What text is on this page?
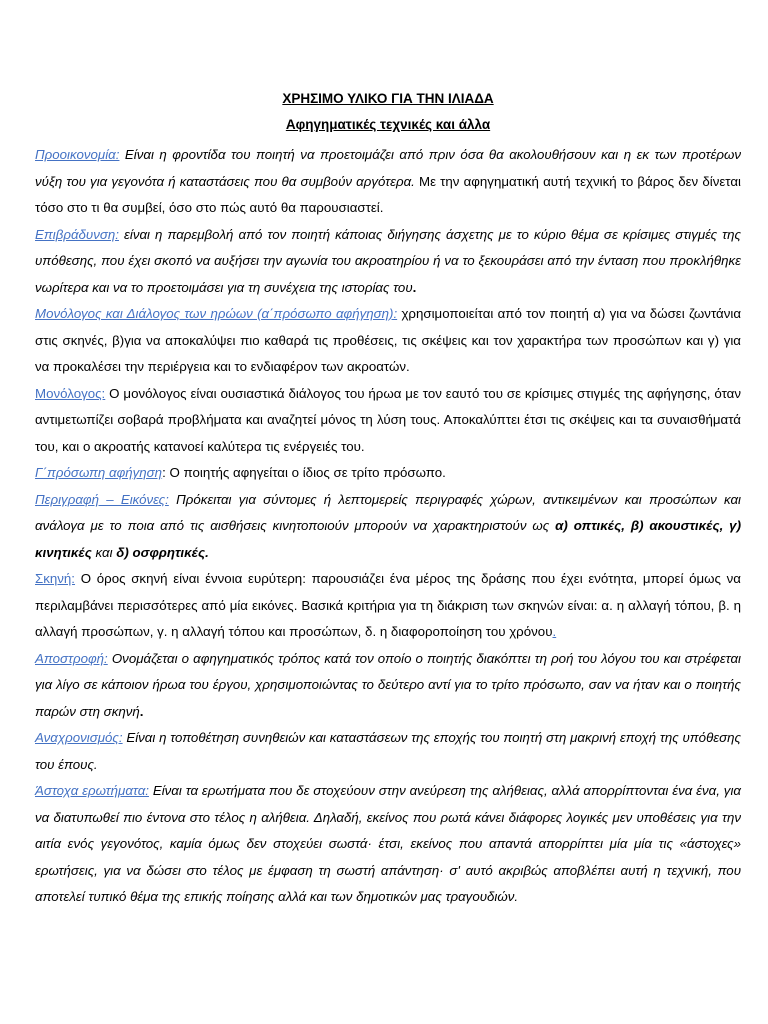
ΧΡΗΣΙΜΟ ΥΛΙΚΟ ΓΙΑ ΤΗΝ ΙΛΙΑΔΑ

Αφηγηματικές τεχνικές και άλλα

Προοικονομία: Είναι η φροντίδα του ποιητή να προετοιμάζει από πριν όσα θα ακολουθήσουν και η εκ των προτέρων νύξη του για γεγονότα ή καταστάσεις που θα συμβούν αργότερα. Με την αφηγηματική αυτή τεχνική το βάρος δεν δίνεται τόσο στο τι θα συμβεί, όσο στο πώς αυτό θα παρουσιαστεί.

Επιβράδυνση: είναι η παρεμβολή από τον ποιητή κάποιας διήγησης άσχετης με το κύριο θέμα σε κρίσιμες στιγμές της υπόθεσης, που έχει σκοπό να αυξήσει την αγωνία του ακροατηρίου ή να το ξεκουράσει από την ένταση που προκλήθηκε νωρίτερα και να το προετοιμάσει για τη συνέχεια της ιστορίας του.

Μονόλογος και Διάλογος των ηρώων (α΄πρόσωπο αφήγηση): χρησιμοποιείται από τον ποιητή α) για να δώσει ζωντάνια στις σκηνές, β)για να αποκαλύψει πιο καθαρά τις προθέσεις, τις σκέψεις και τον χαρακτήρα των προσώπων και γ) για να προκαλέσει την περιέργεια και το ενδιαφέρον των ακροατών.

Μονόλογος: Ο μονόλογος είναι ουσιαστικά διάλογος του ήρωα με τον εαυτό του σε κρίσιμες στιγμές της αφήγησης, όταν αντιμετωπίζει σοβαρά προβλήματα και αναζητεί μόνος τη λύση τους. Αποκαλύπτει έτσι τις σκέψεις και τα συναισθήματά του, και ο ακροατής κατανοεί καλύτερα τις ενέργειές του.

Γ΄πρόσωπη αφήγηση: Ο ποιητής αφηγείται ο ίδιος σε τρίτο πρόσωπο.

Περιγραφή – Εικόνες: Πρόκειται για σύντομες ή λεπτομερείς περιγραφές χώρων, αντικειμένων και προσώπων και ανάλογα με το ποια από τις αισθήσεις κινητοποιούν μπορούν να χαρακτηριστούν ως α) οπτικές, β) ακουστικές, γ) κινητικές και δ) οσφρητικές.

Σκηνή: Ο όρος σκηνή είναι έννοια ευρύτερη: παρουσιάζει ένα μέρος της δράσης που έχει ενότητα, μπορεί όμως να περιλαμβάνει περισσότερες από μία εικόνες. Βασικά κριτήρια για τη διάκριση των σκηνών είναι: α. η αλλαγή τόπου, β. η αλλαγή προσώπων, γ. η αλλαγή τόπου και προσώπων, δ. η διαφοροποίηση του χρόνου.

Αποστροφή: Ονομάζεται ο αφηγηματικός τρόπος κατά τον οποίο ο ποιητής διακόπτει τη ροή του λόγου του και στρέφεται για λίγο σε κάποιον ήρωα του έργου, χρησιμοποιώντας το δεύτερο αντί για το τρίτο πρόσωπο, σαν να ήταν και ο ποιητής παρών στη σκηνή.

Αναχρονισμός: Είναι η τοποθέτηση συνηθειών και καταστάσεων της εποχής του ποιητή στη μακρινή εποχή της υπόθεσης του έπους.

Άστοχα ερωτήματα: Είναι τα ερωτήματα που δε στοχεύουν στην ανεύρεση της αλήθειας, αλλά απορρίπτονται ένα ένα, για να διατυπωθεί πιο έντονα στο τέλος η αλήθεια. Δηλαδή, εκείνος που ρωτά κάνει διάφορες λογικές μεν υποθέσεις για την αιτία ενός γεγονότος, καμία όμως δεν στοχεύει σωστά· έτσι, εκείνος που απαντά απορρίπτει μία μία τις «άστοχες» ερωτήσεις, για να δώσει στο τέλος με έμφαση τη σωστή απάντηση· σ' αυτό ακριβώς αποβλέπει αυτή η τεχνική, που αποτελεί τυπικό θέμα της επικής ποίησης αλλά και των δημοτικών μας τραγουδιών.
